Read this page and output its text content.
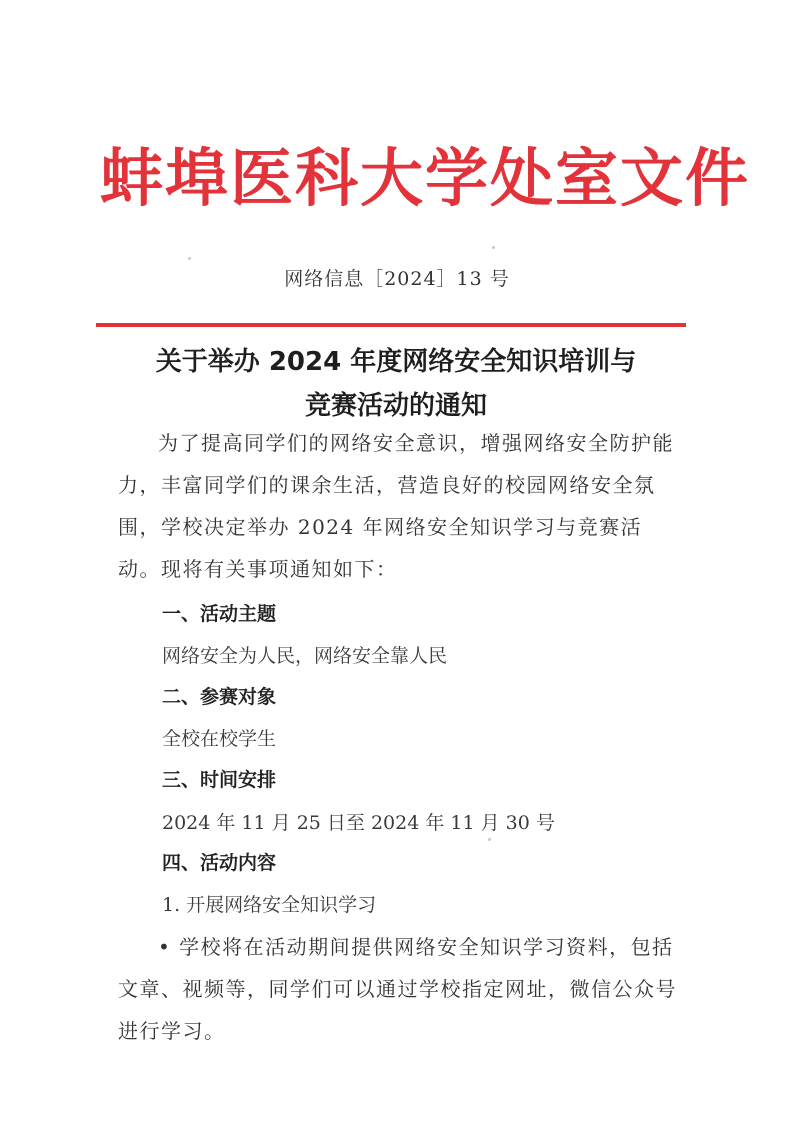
蚌埠医科大学处室文件
网络信息［2024］13 号
关于举办 2024 年度网络安全知识培训与
竞赛活动的通知

为了提高同学们的网络安全意识，增强网络安全防护能力，丰富同学们的课余生活，营造良好的校园网络安全氛围，学校决定举办 2024 年网络安全知识学习与竞赛活动。现将有关事项通知如下：

一、活动主题
网络安全为人民，网络安全靠人民
二、参赛对象
全校在校学生
三、时间安排
2024 年 11 月 25 日至 2024 年 11 月 30 号
四、活动内容
1. 开展网络安全知识学习

• 学校将在活动期间提供网络安全知识学习资料，包括文章、视频等，同学们可以通过学校指定网址，微信公众号进行学习。
